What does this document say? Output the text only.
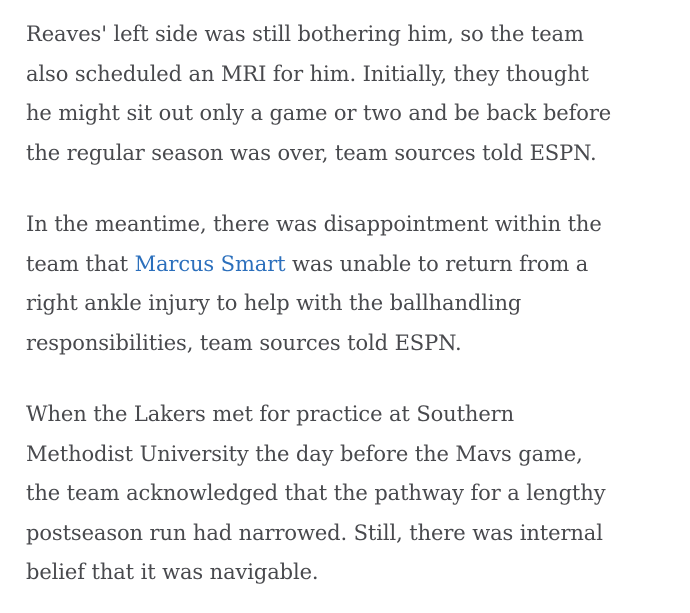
Reaves' left side was still bothering him, so the team
also scheduled an MRI for him. Initially, they thought
he might sit out only a game or two and be back before
the regular season was over, team sources told ESPN.

In the meantime, there was disappointment within the
team that Marcus Smart was unable to return from a
right ankle injury to help with the ballhandling
responsibilities, team sources told ESPN.

When the Lakers met for practice at Southern
Methodist University the day before the Mavs game,
the team acknowledged that the pathway for a lengthy
postseason run had narrowed. Still, there was internal
belief that it was navigable.
